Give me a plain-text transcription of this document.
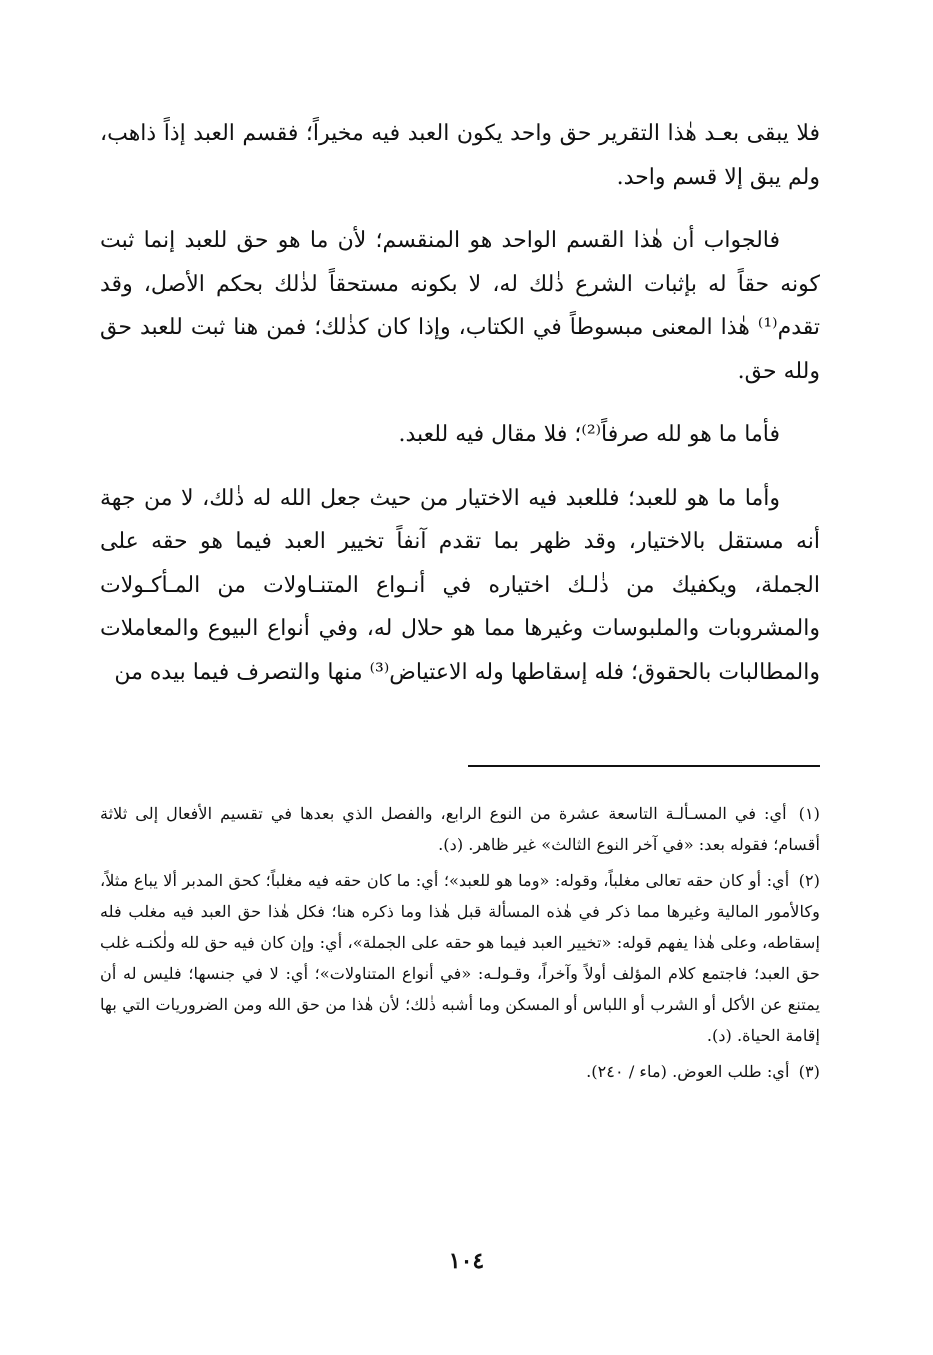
فلا يبقى بعـد هٰذا التقرير حق واحد يكون العبد فيه مخيراً؛ فقسم العبد إذاً ذاهب، ولم يبق إلا قسم واحد.

فالجواب أن هٰذا القسم الواحد هو المنقسم؛ لأن ما هو حق للعبد إنما ثبت كونه حقاً له بإثبات الشرع ذٰلك له، لا بكونه مستحقاً لذٰلك بحكم الأصل، وقد تقدم⁽¹⁾ هٰذا المعنى مبسوطاً في الكتاب، وإذا كان كذٰلك؛ فمن هنا ثبت للعبد حق ولله حق.

فأما ما هو لله صرفاً⁽²⁾؛ فلا مقال فيه للعبد.

وأما ما هو للعبد؛ فللعبد فيه الاختيار من حيث جعل الله له ذٰلك، لا من جهة أنه مستقل بالاختيار، وقد ظهر بما تقدم آنفاً تخيير العبد فيما هو حقه على الجملة، ويكفيك من ذٰلـك اختياره في أنـواع المتنـاولات من المـأكـولات والمشروبات والملبوسات وغيرها مما هو حلال له، وفي أنواع البيوع والمعاملات والمطالبات بالحقوق؛ فله إسقاطها وله الاعتياض⁽³⁾ منها والتصرف فيما بيده من

(١) أي: في المسـألـة التاسعة عشرة من النوع الرابع، والفصل الذي بعدها في تقسيم الأفعال إلى ثلاثة أقسام؛ فقوله بعد: «في آخر النوع الثالث» غير ظاهر. (د).

(٢) أي: أو كان حقه تعالى مغلباً، وقوله: «وما هو للعبد»؛ أي: ما كان حقه فيه مغلباً؛ كحق المدبر ألا يباع مثلاً، وكالأمور المالية وغيرها مما ذكر في هٰذه المسألة قبل هٰذا وما ذكره هنا؛ فكل هٰذا حق العبد فيه مغلب فله إسقاطه، وعلى هٰذا يفهم قوله: «تخيير العبد فيما هو حقه على الجملة»، أي: وإن كان فيه حق لله ولٰكنـه غلب حق العبد؛ فاجتمع كلام المؤلف أولاً وآخراً، وقـولـه: «في أنواع المتناولات»؛ أي: لا في جنسها؛ فليس له أن يمتنع عن الأكل أو الشرب أو اللباس أو المسكن وما أشبه ذٰلك؛ لأن هٰذا من حق الله ومن الضروريات التي بها إقامة الحياة. (د).

(٣) أي: طلب العوض. (ماء / ٢٤٠).

١٠٤
